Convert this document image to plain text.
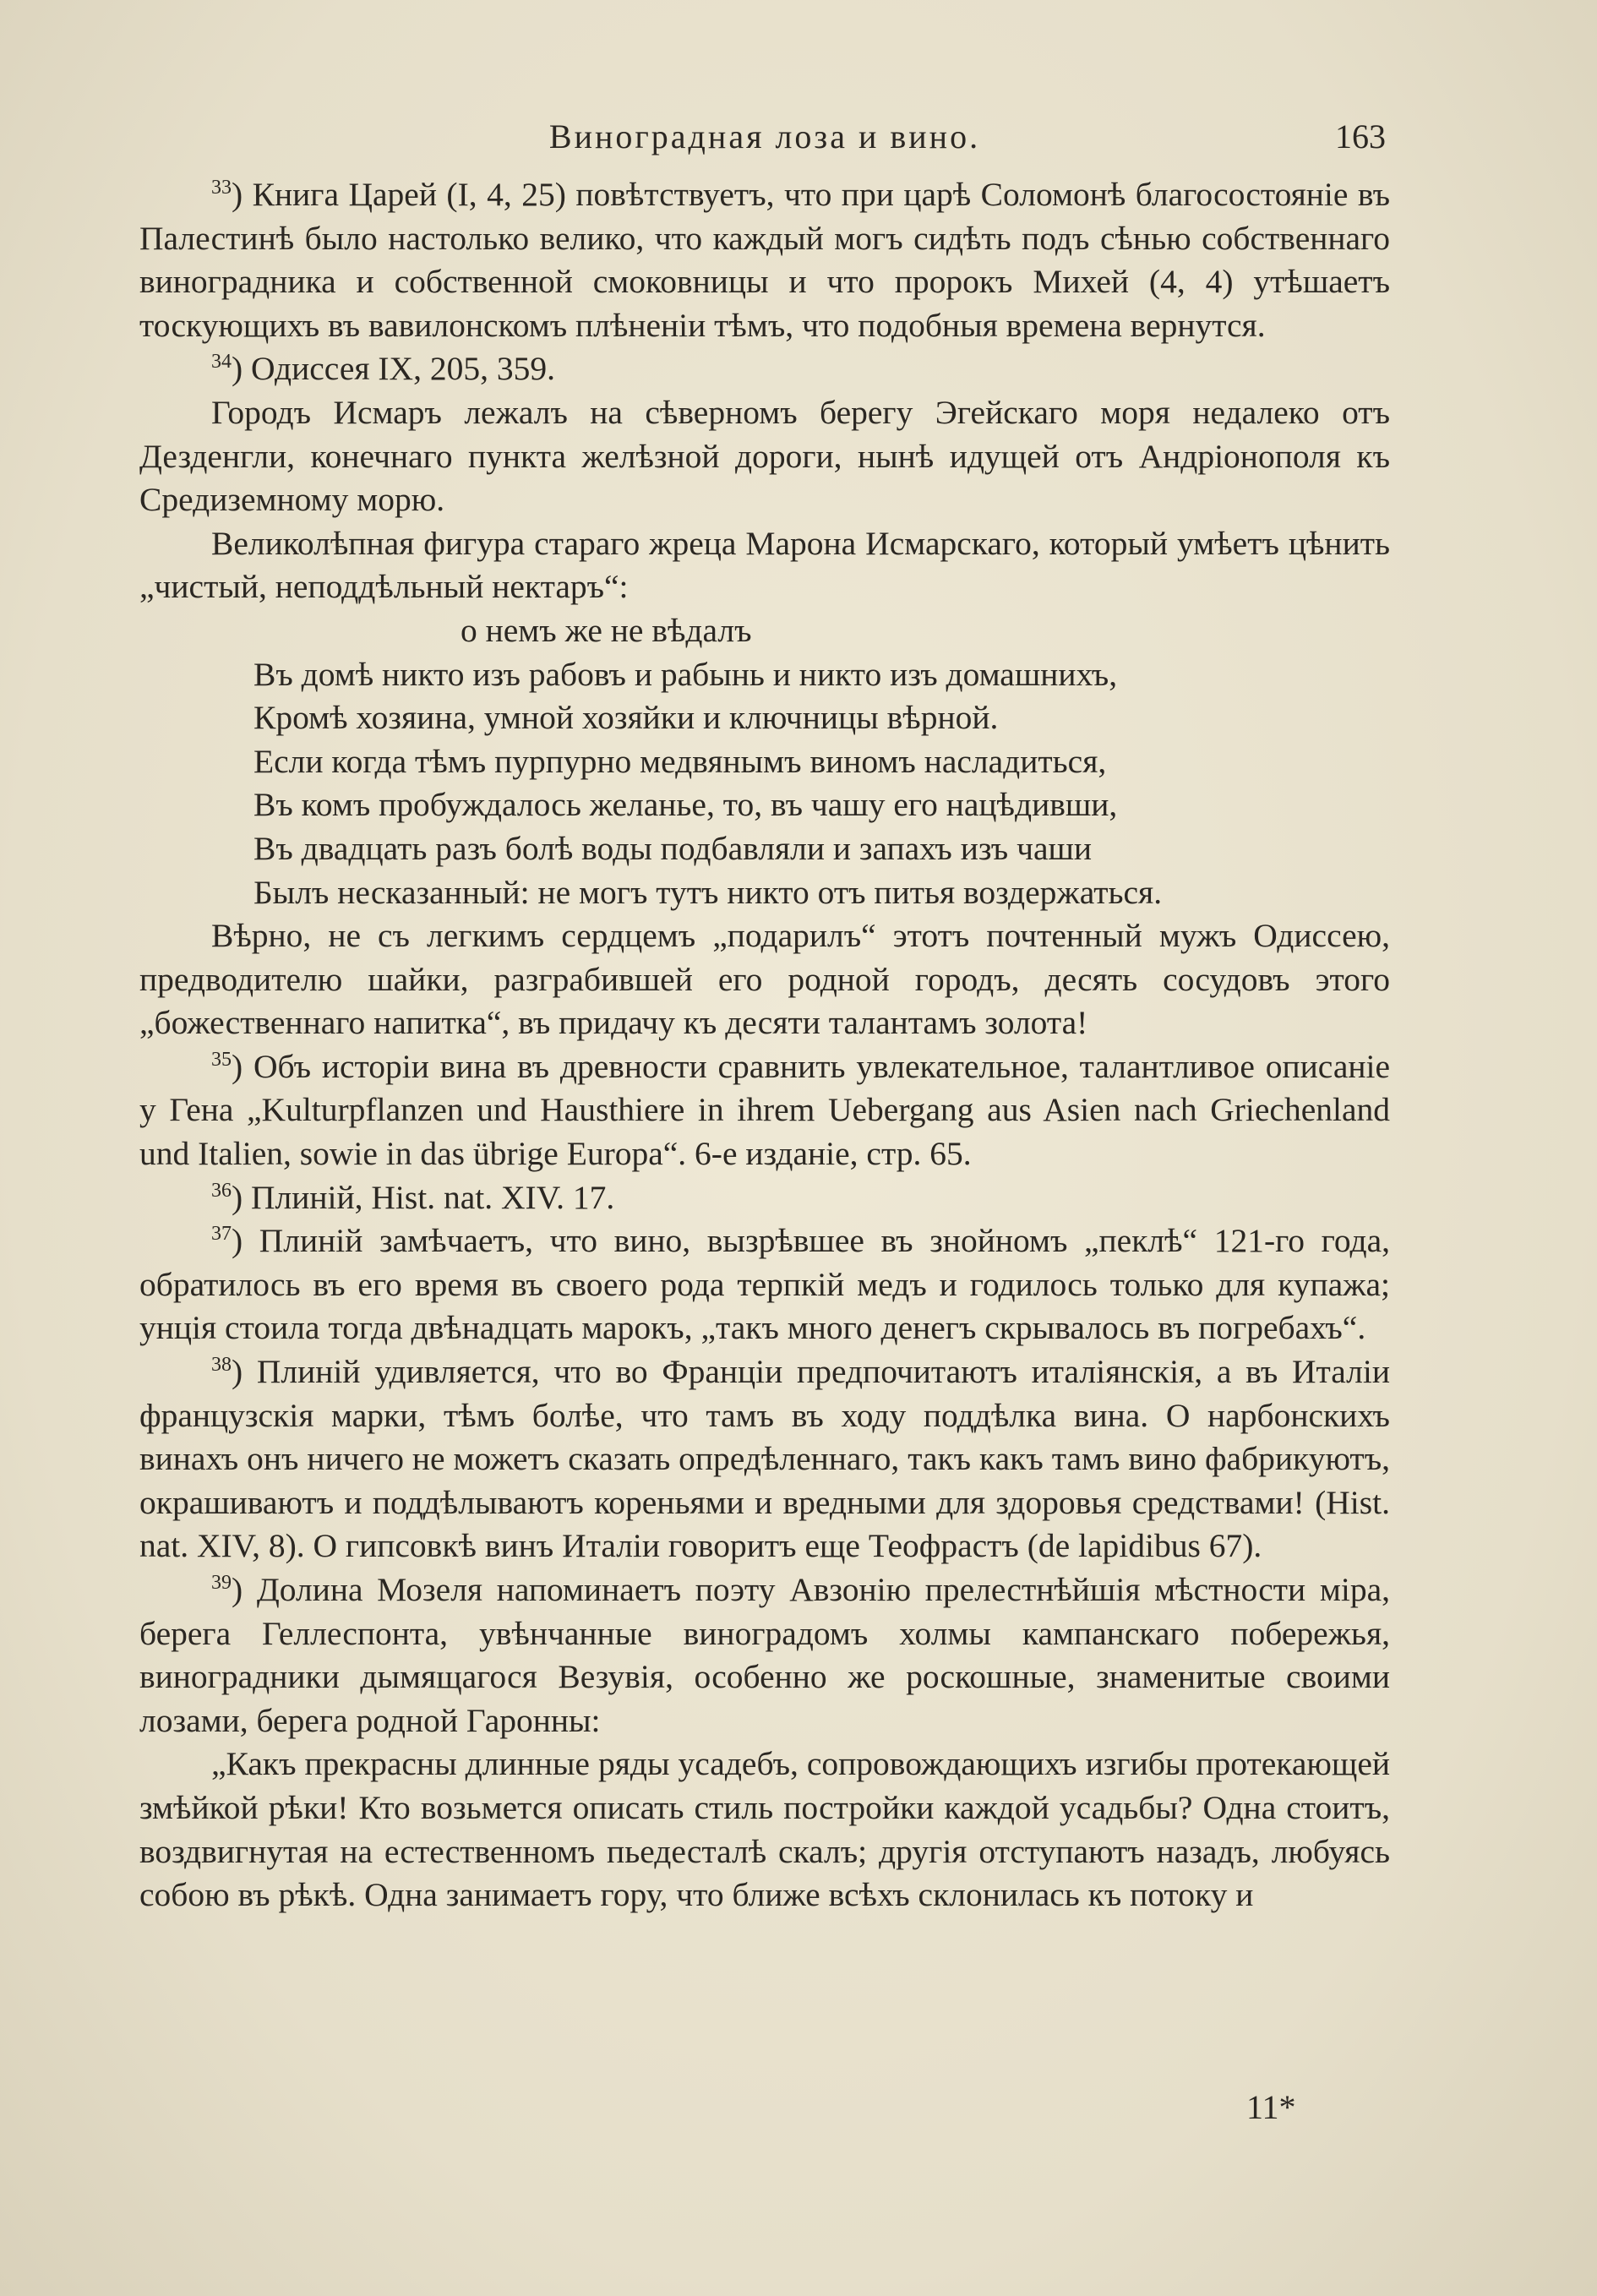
Виноградная лоза и вино.	163

$^{33}$) Книга Царей (I, 4, 25) повѣтствуетъ, что при царѣ Соломонѣ благосостояніе въ Палестинѣ было настолько велико, что каждый могъ сидѣть подъ сѣнью собственнаго виноградника и собственной смоковницы и что пророкъ Михей (4, 4) утѣшаетъ тоскующихъ въ вавилонскомъ плѣненіи тѣмъ, что подобныя времена вернутся.

$^{34}$) Одиссея IX, 205, 359.

Городъ Исмаръ лежалъ на сѣверномъ берегу Эгейскаго моря недалеко отъ Дезденгли, конечнаго пункта желѣзной дороги, нынѣ идущей отъ Андріонополя къ Средиземному морю.

Великолѣпная фигура стараго жреца Марона Исмарскаго, который умѣетъ цѣнить „чистый, неподдѣльный нектаръ“:

о немъ же не вѣдалъ
Въ домѣ никто изъ рабовъ и рабынь и никто изъ домашнихъ,
Кромѣ хозяина, умной хозяйки и ключницы вѣрной.
Если когда тѣмъ пурпурно медвянымъ виномъ насладиться,
Въ комъ пробуждалось желанье, то, въ чашу его нацѣдивши,
Въ двадцать разъ болѣ воды подбавляли и запахъ изъ чаши
Былъ несказанный: не могъ тутъ никто отъ питья воздержаться.

Вѣрно, не съ легкимъ сердцемъ „подарилъ“ этотъ почтенный мужъ Одиссею, предводителю шайки, разграбившей его родной городъ, десять сосудовъ этого „божественнаго напитка“, въ придачу къ десяти талантамъ золота!

$^{35}$) Объ исторіи вина въ древности сравнить увлекательное, талантливое описаніе у Гена „Kulturpflanzen und Hausthiere in ihrem Uebergang aus Asien nach Griechenland und Italien, sowie in das übrige Europa“. 6-е изданіе, стр. 65.

$^{36}$) Плиній, Hist. nat. XIV. 17.

$^{37}$) Плиній замѣчаетъ, что вино, вызрѣвшее въ знойномъ „пеклѣ“ 121-го года, обратилось въ его время въ своего рода терпкій медъ и годилось только для купажа; унція стоила тогда двѣнадцать марокъ, „такъ много денегъ скрывалось въ погребахъ“.

$^{38}$) Плиній удивляется, что во Франціи предпочитаютъ италіянскія, а въ Италіи французскія марки, тѣмъ болѣе, что тамъ въ ходу поддѣлка вина. О нарбонскихъ винахъ онъ ничего не можетъ сказать опредѣленнаго, такъ какъ тамъ вино фабрикуютъ, окрашиваютъ и поддѣлываютъ кореньями и вредными для здоровья средствами! (Hist. nat. XIV, 8). О гипсовкѣ винъ Италіи говоритъ еще Теофрастъ (de lapidibus 67).

$^{39}$) Долина Мозеля напоминаетъ поэту Авзонію прелестнѣйшія мѣстности міра, берега Геллеспонта, увѣнчанные виноградомъ холмы кампанскаго побережья, виноградники дымящагося Везувія, особенно же роскошные, знаменитые своими лозами, берега родной Гаронны:

„Какъ прекрасны длинные ряды усадебъ, сопровождающихъ изгибы протекающей змѣйкой рѣки! Кто возьмется описать стиль постройки каждой усадьбы? Одна стоитъ, воздвигнутая на естественномъ пьедесталѣ скалъ; другія отступаютъ назадъ, любуясь собою въ рѣкѣ. Одна занимаетъ гору, что ближе всѣхъ склонилась къ потоку и

11*
